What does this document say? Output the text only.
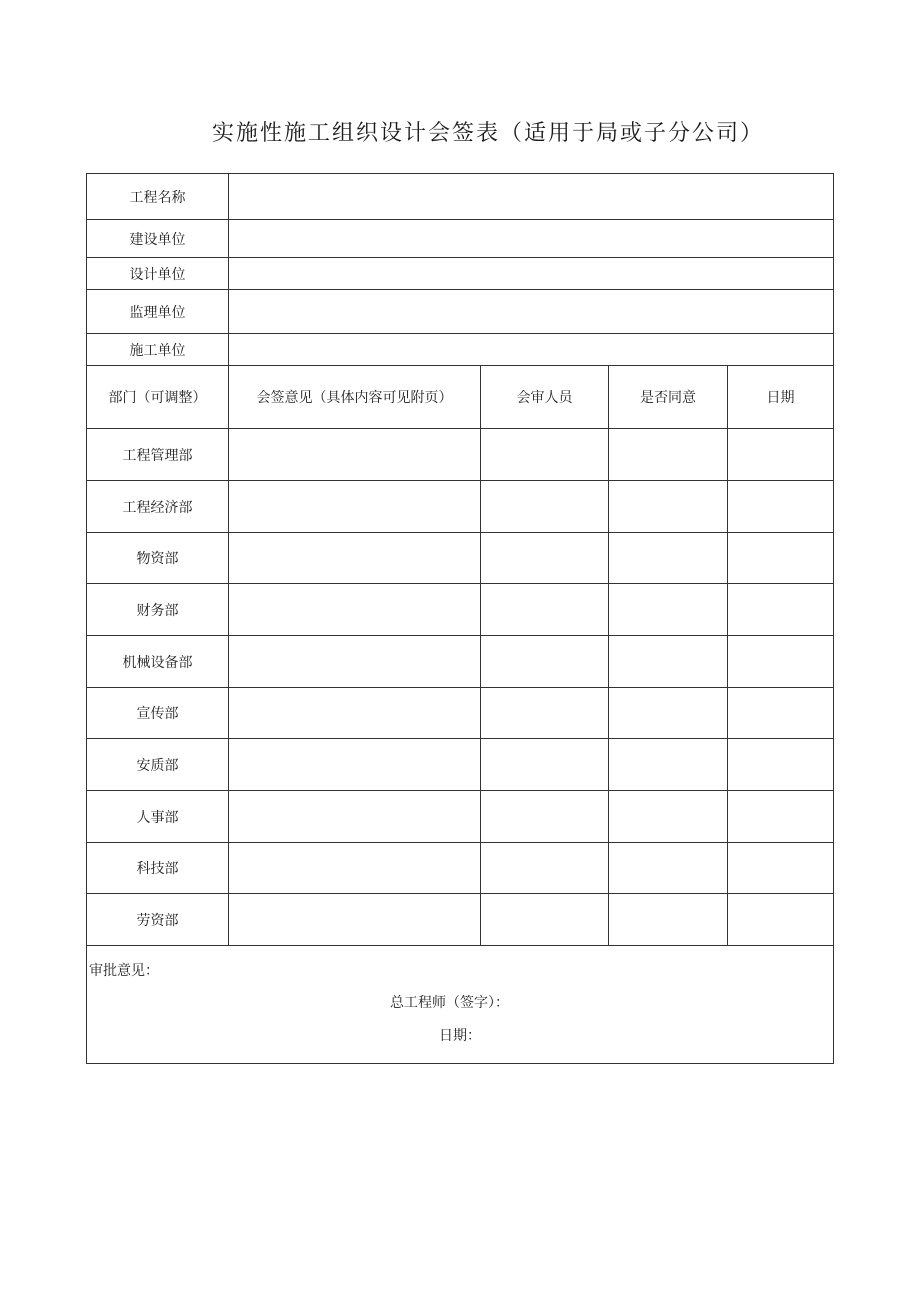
实施性施工组织设计会签表（适用于局或子分公司）
工程名称				
建设单位				
设计单位				
监理单位				
施工单位				
部门（可调整）	会签意见（具体内容可见附页）	会审人员	是否同意	日期
工程管理部				
工程经济部				
物资部				
财务部				
机械设备部				
宣传部				
安质部				
人事部				
科技部				
劳资部				

审批意见：
总工程师（签字）：
日期：				
